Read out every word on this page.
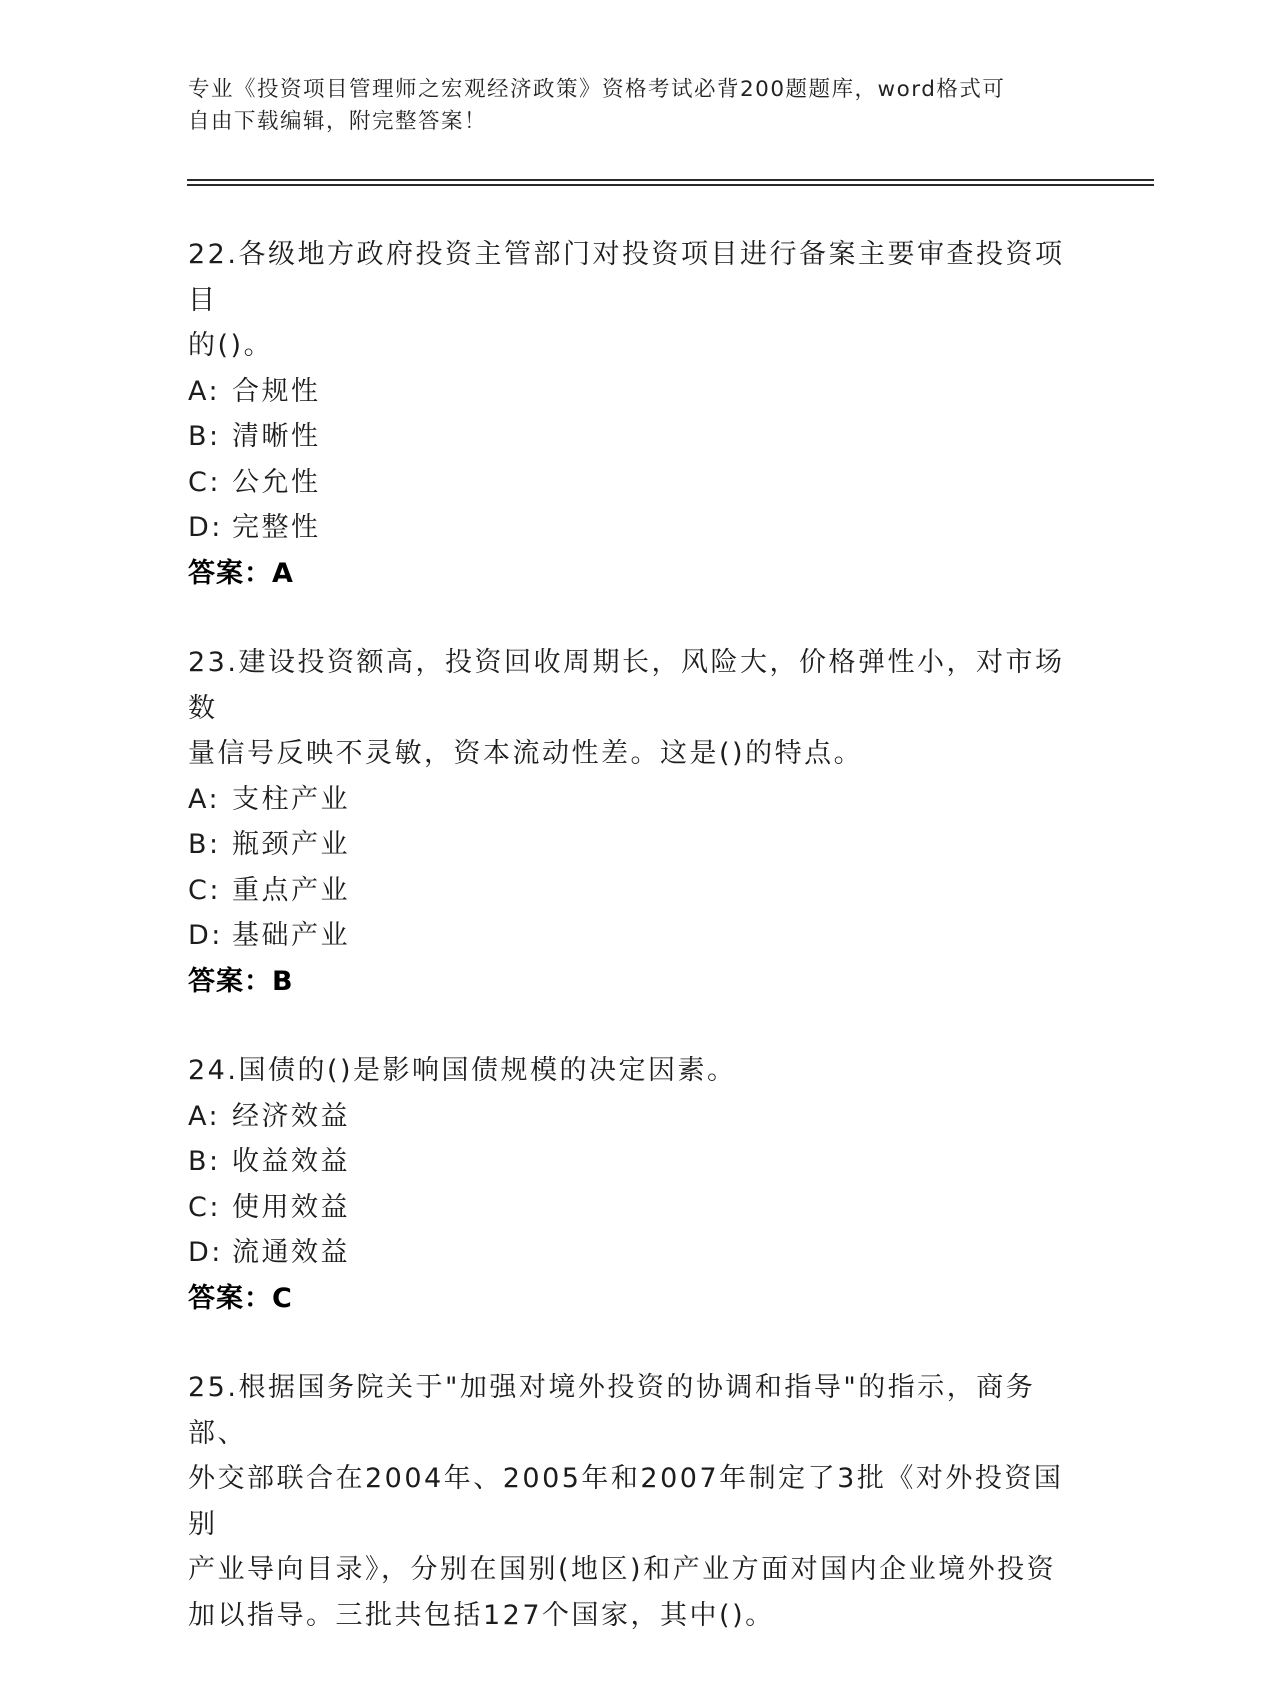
专业《投资项目管理师之宏观经济政策》资格考试必背200题题库，word格式可
自由下载编辑，附完整答案！
22.各级地方政府投资主管部门对投资项目进行备案主要审查投资项目
的()。
A: 合规性
B: 清晰性
C: 公允性
D: 完整性
答案：A
23.建设投资额高，投资回收周期长，风险大，价格弹性小，对市场数
量信号反映不灵敏，资本流动性差。这是()的特点。
A: 支柱产业
B: 瓶颈产业
C: 重点产业
D: 基础产业
答案：B
24.国债的()是影响国债规模的决定因素。
A: 经济效益
B: 收益效益
C: 使用效益
D: 流通效益
答案：C
25.根据国务院关于"加强对境外投资的协调和指导"的指示，商务部、
外交部联合在2004年、2005年和2007年制定了3批《对外投资国别
产业导向目录》，分别在国别(地区)和产业方面对国内企业境外投资
加以指导。三批共包括127个国家，其中()。
